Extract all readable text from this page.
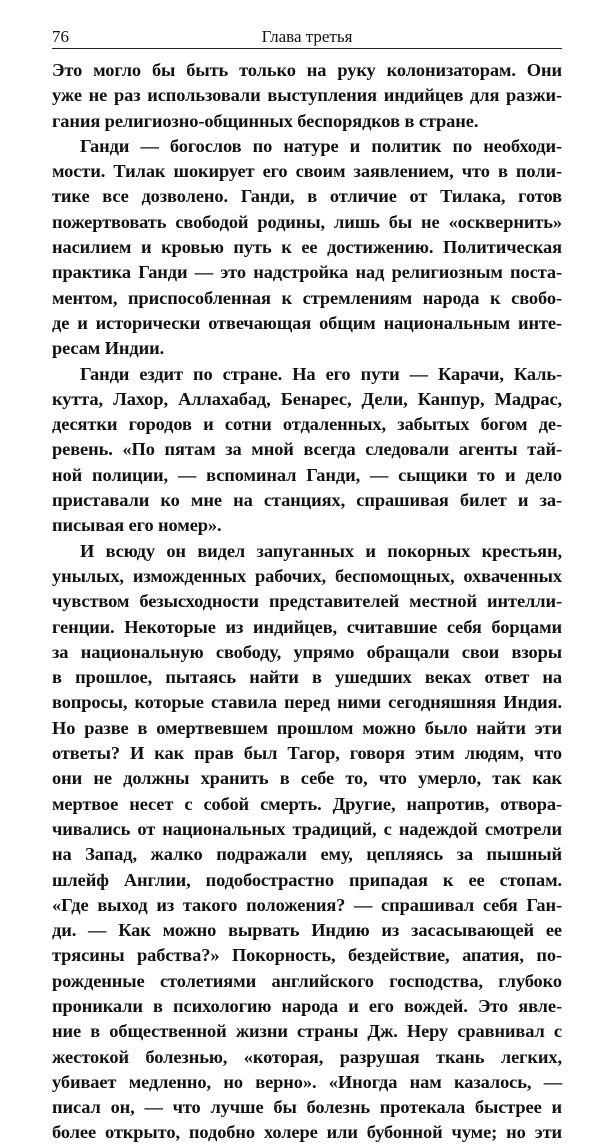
76	Глава третья
Это могло бы быть только на руку колонизаторам. Они
уже не раз использовали выступления индийцев для разжи-
гания религиозно-общинных беспорядков в стране.
Ганди — богослов по натуре и политик по необходи-
мости. Тилак шокирует его своим заявлением, что в поли-
тике все дозволено. Ганди, в отличие от Тилака, готов
пожертвовать свободой родины, лишь бы не «осквернить»
насилием и кровью путь к ее достижению. Политическая
практика Ганди — это надстройка над религиозным поста-
ментом, приспособленная к стремлениям народа к свобо-
де и исторически отвечающая общим национальным инте-
ресам Индии.
Ганди ездит по стране. На его пути — Карачи, Каль-
кутта, Лахор, Аллахабад, Бенарес, Дели, Канпур, Мадрас,
десятки городов и сотни отдаленных, забытых богом де-
ревень. «По пятам за мной всегда следовали агенты тай-
ной полиции, — вспоминал Ганди, — сыщики то и дело
приставали ко мне на станциях, спрашивая билет и за-
писывая его номер».
И всюду он видел запуганных и покорных крестьян,
унылых, изможденных рабочих, беспомощных, охваченных
чувством безысходности представителей местной интелли-
генции. Некоторые из индийцев, считавшие себя борцами
за национальную свободу, упрямо обращали свои взоры
в прошлое, пытаясь найти в ушедших веках ответ на
вопросы, которые ставила перед ними сегодняшняя Индия.
Но разве в омертвевшем прошлом можно было найти эти
ответы? И как прав был Тагор, говоря этим людям, что
они не должны хранить в себе то, что умерло, так как
мертвое несет с собой смерть. Другие, напротив, отвора-
чивались от национальных традиций, с надеждой смотрели
на Запад, жалко подражали ему, цепляясь за пышный
шлейф Англии, подобострастно припадая к ее стопам.
«Где выход из такого положения? — спрашивал себя Ган-
ди. — Как можно вырвать Индию из засасывающей ее
трясины рабства?» Покорность, бездействие, апатия, по-
рожденные столетиями английского господства, глубоко
проникали в психологию народа и его вождей. Это явле-
ние в общественной жизни страны Дж. Неру сравнивал с
жестокой болезнью, «которая, разрушая ткань легких,
убивает медленно, но верно». «Иногда нам казалось, —
писал он, — что лучше бы болезнь протекала быстрее и
более открыто, подобно холере или бубонной чуме; но эти
